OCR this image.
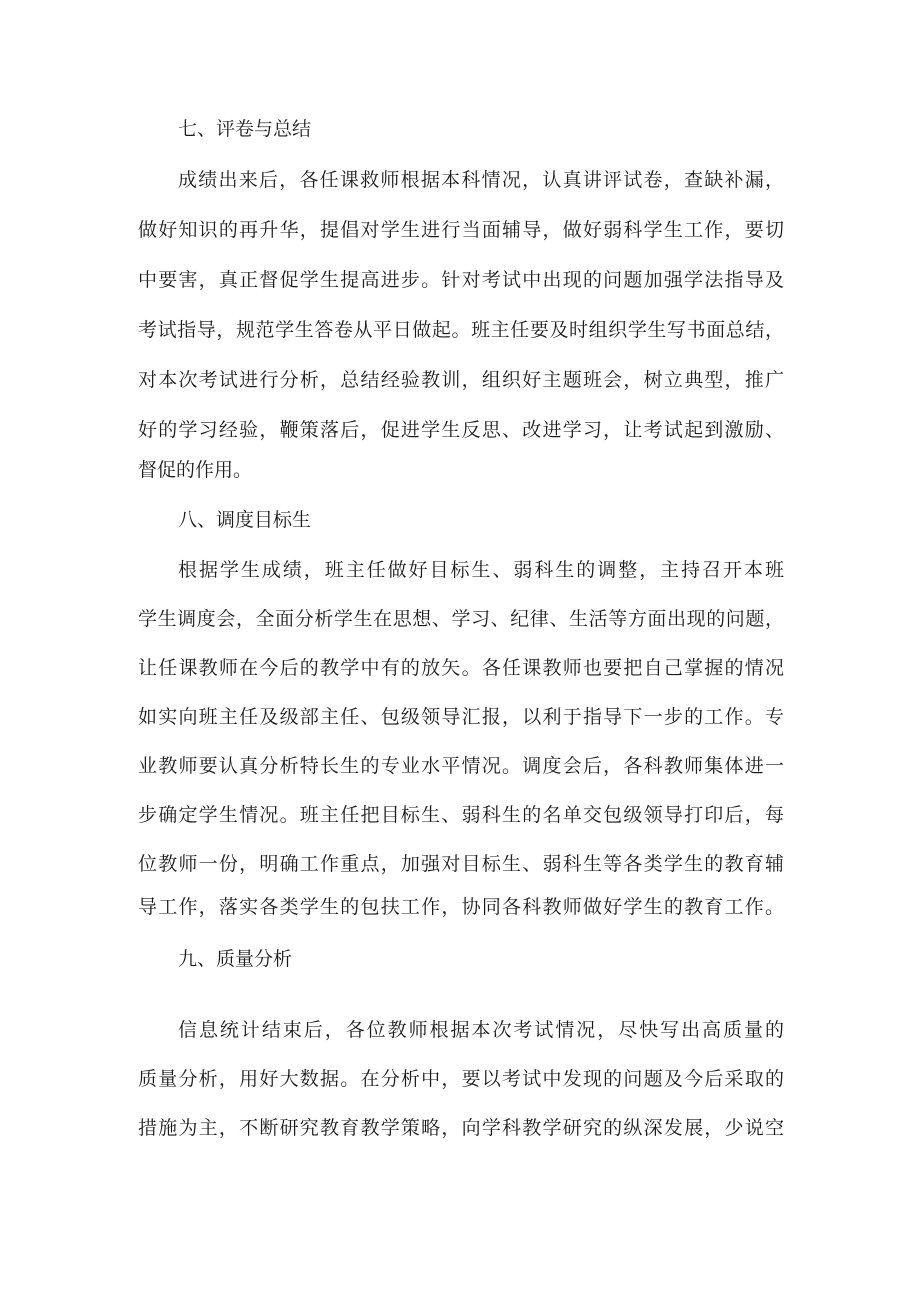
七、评卷与总结
成绩出来后，各任课救师根据本科情况，认真讲评试卷，查缺补漏，
做好知识的再升华，提倡对学生进行当面辅导，做好弱科学生工作，要切
中要害，真正督促学生提高进步。针对考试中出现的问题加强学法指导及
考试指导，规范学生答卷从平日做起。班主任要及时组织学生写书面总结，
对本次考试进行分析，总结经验教训，组织好主题班会，树立典型，推广
好的学习经验，鞭策落后，促进学生反思、改进学习，让考试起到激励、
督促的作用。
八、调度目标生
根据学生成绩，班主任做好目标生、弱科生的调整，主持召开本班
学生调度会，全面分析学生在思想、学习、纪律、生活等方面出现的问题，
让任课教师在今后的教学中有的放矢。各任课教师也要把自己掌握的情况
如实向班主任及级部主任、包级领导汇报，以利于指导下一步的工作。专
业教师要认真分析特长生的专业水平情况。调度会后，各科教师集体进一
步确定学生情况。班主任把目标生、弱科生的名单交包级领导打印后，每
位教师一份，明确工作重点，加强对目标生、弱科生等各类学生的教育辅
导工作，落实各类学生的包扶工作，协同各科教师做好学生的教育工作。
九、质量分析
信息统计结束后，各位教师根据本次考试情况，尽快写出高质量的
质量分析，用好大数据。在分析中，要以考试中发现的问题及今后采取的
措施为主，不断研究教育教学策略，向学科教学研究的纵深发展，少说空
